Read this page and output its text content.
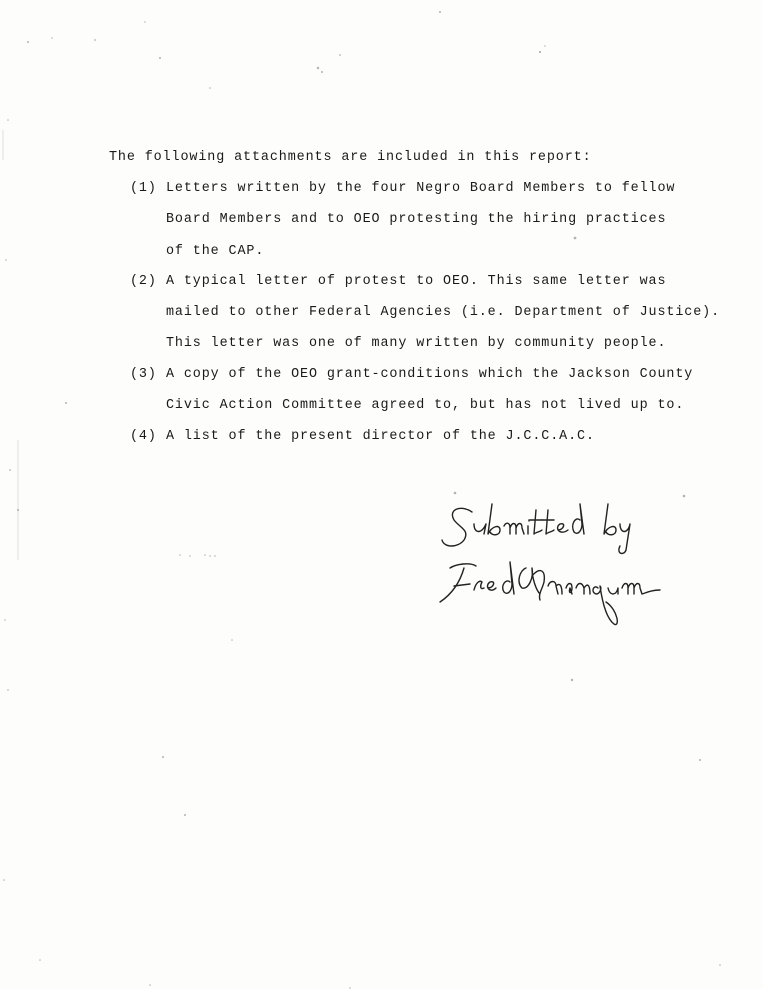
The following attachments are included in this report:
(1) Letters written by the four Negro Board Members to fellow
Board Members and to OEO protesting the hiring practices
of the CAP.
(2) A typical letter of protest to OEO. This same letter was
mailed to other Federal Agencies (i.e. Department of Justice).
This letter was one of many written by community people.
(3) A copy of the OEO grant-conditions which the Jackson County
Civic Action Committee agreed to, but has not lived up to.
(4) A list of the present director of the J.C.C.A.C.
